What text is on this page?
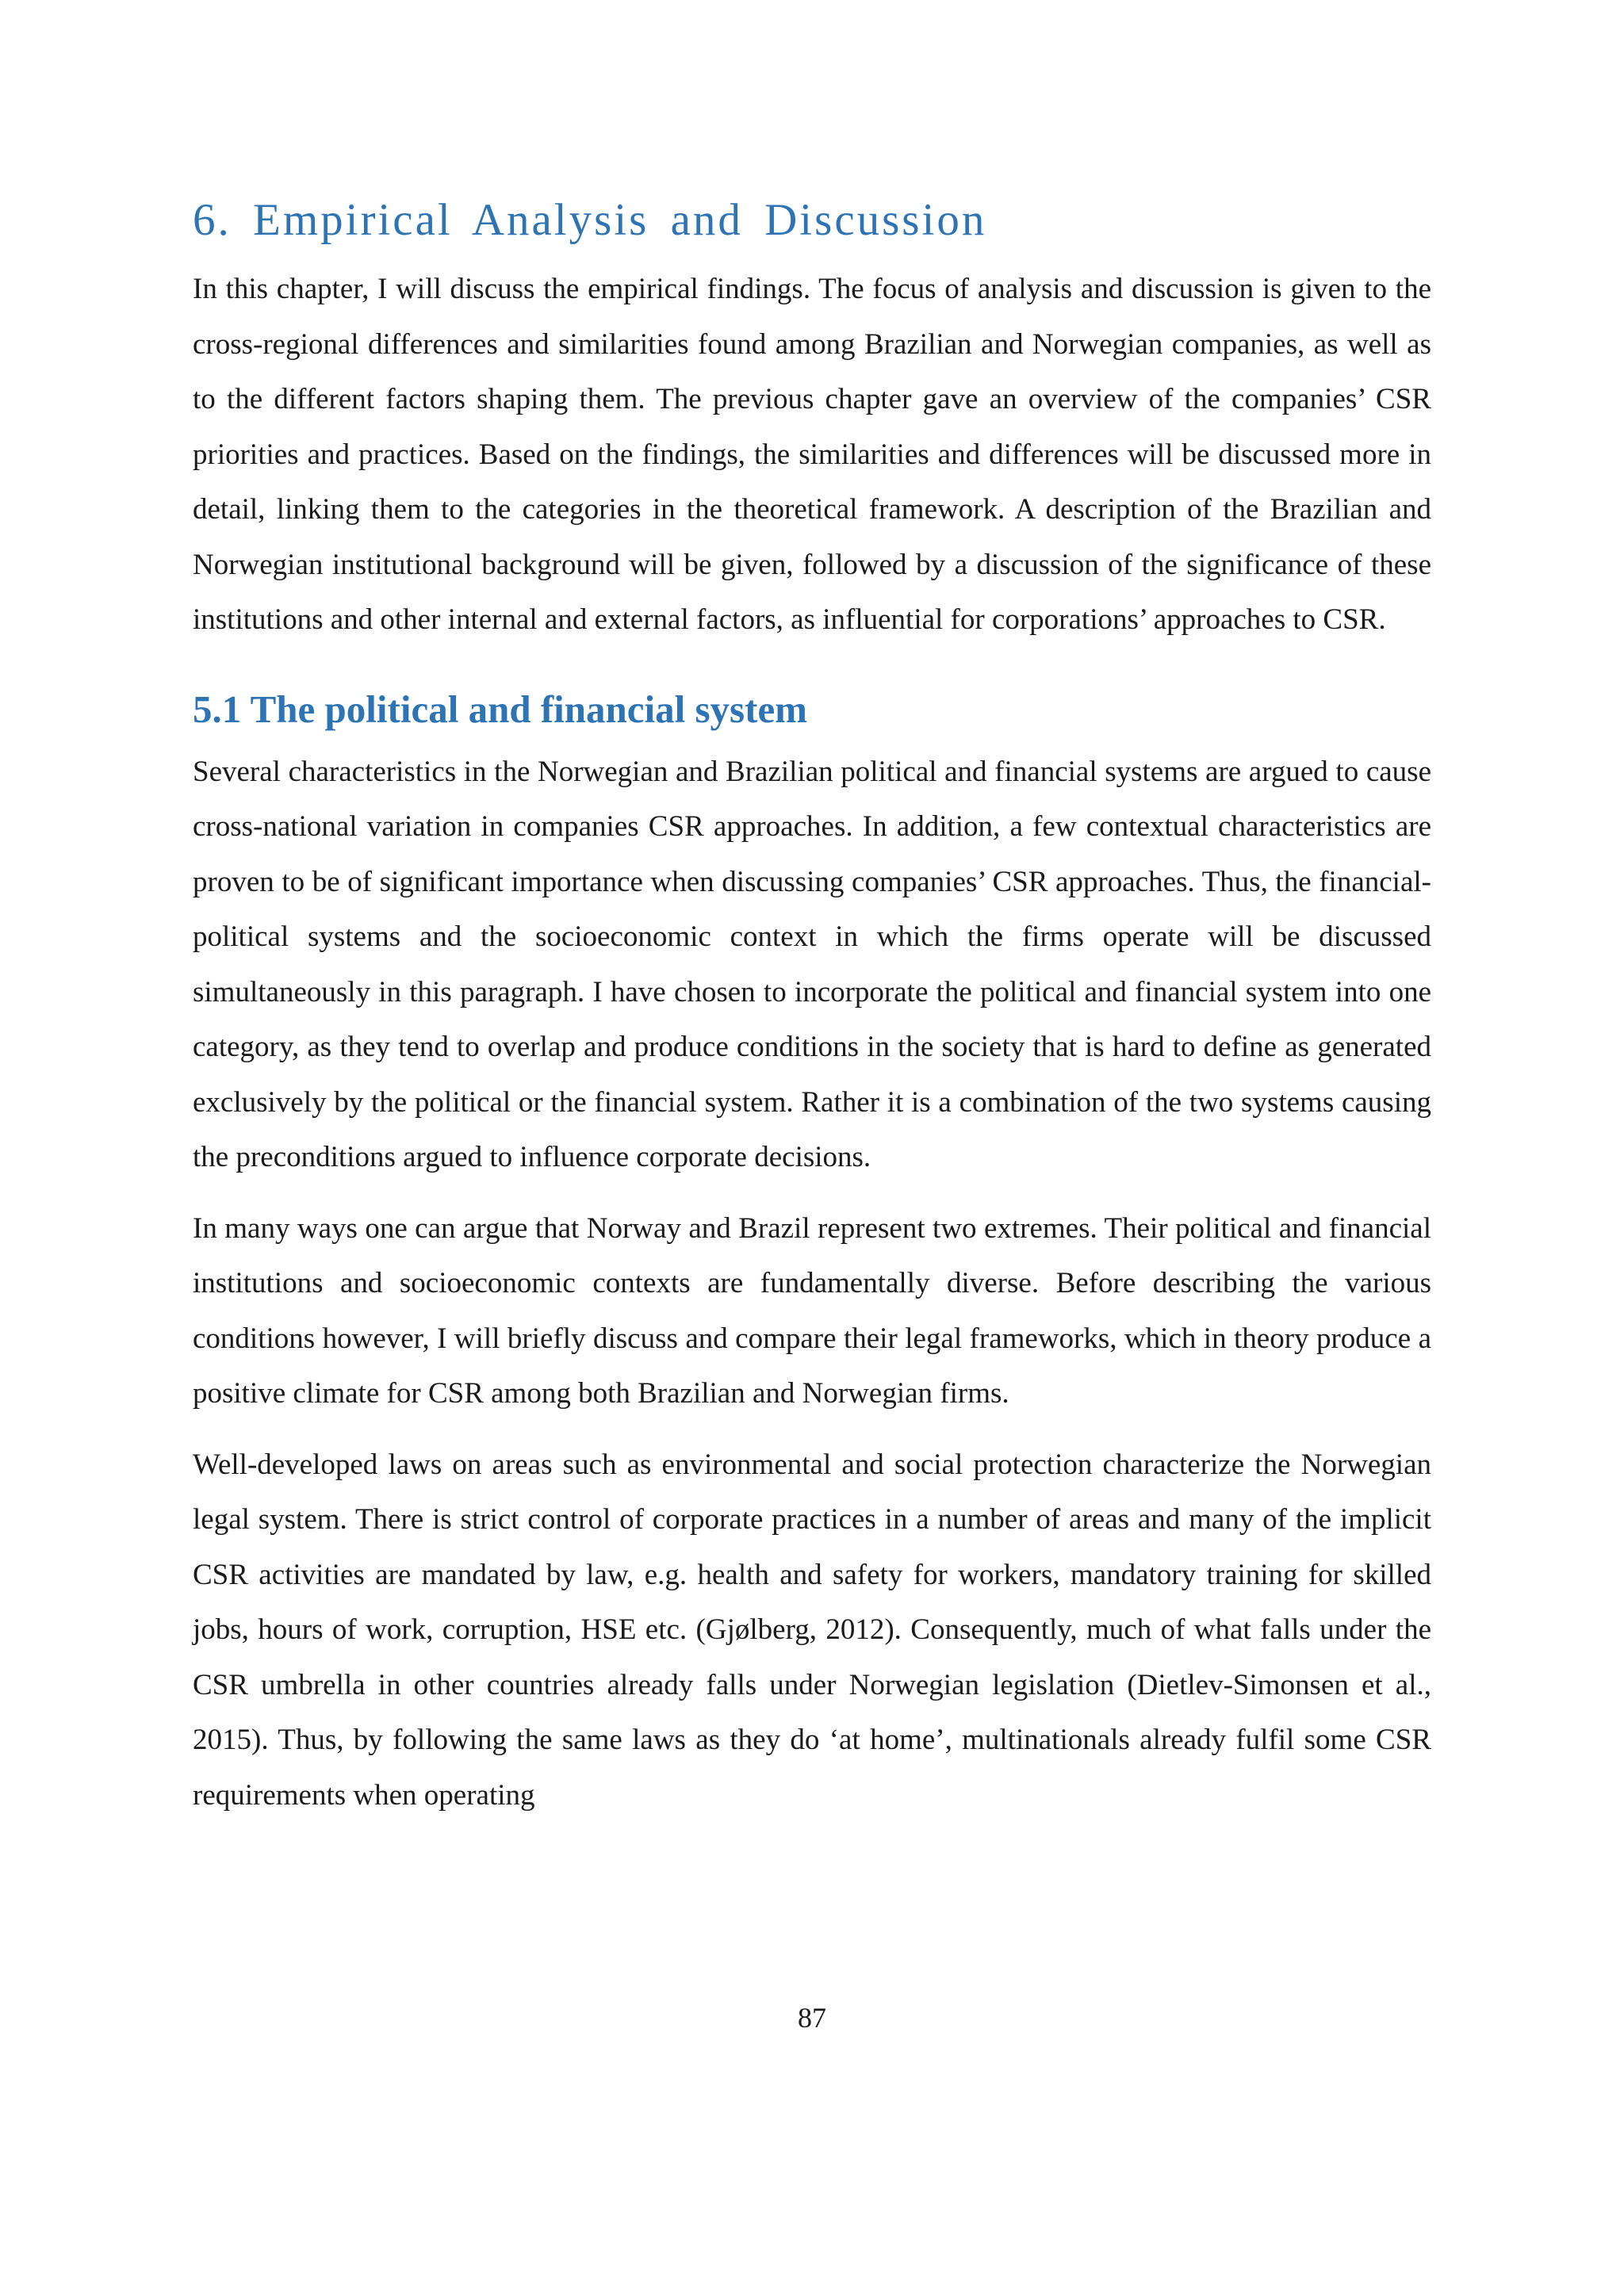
6. Empirical Analysis and Discussion

In this chapter, I will discuss the empirical findings. The focus of analysis and discussion is given to the cross-regional differences and similarities found among Brazilian and Norwegian companies, as well as to the different factors shaping them. The previous chapter gave an overview of the companies’ CSR priorities and practices. Based on the findings, the similarities and differences will be discussed more in detail, linking them to the categories in the theoretical framework. A description of the Brazilian and Norwegian institutional background will be given, followed by a discussion of the significance of these institutions and other internal and external factors, as influential for corporations’ approaches to CSR.

5.1 The political and financial system

Several characteristics in the Norwegian and Brazilian political and financial systems are argued to cause cross-national variation in companies CSR approaches. In addition, a few contextual characteristics are proven to be of significant importance when discussing companies’ CSR approaches. Thus, the financial-political systems and the socioeconomic context in which the firms operate will be discussed simultaneously in this paragraph. I have chosen to incorporate the political and financial system into one category, as they tend to overlap and produce conditions in the society that is hard to define as generated exclusively by the political or the financial system. Rather it is a combination of the two systems causing the preconditions argued to influence corporate decisions.

In many ways one can argue that Norway and Brazil represent two extremes. Their political and financial institutions and socioeconomic contexts are fundamentally diverse. Before describing the various conditions however, I will briefly discuss and compare their legal frameworks, which in theory produce a positive climate for CSR among both Brazilian and Norwegian firms.

Well-developed laws on areas such as environmental and social protection characterize the Norwegian legal system. There is strict control of corporate practices in a number of areas and many of the implicit CSR activities are mandated by law, e.g. health and safety for workers, mandatory training for skilled jobs, hours of work, corruption, HSE etc. (Gjølberg, 2012). Consequently, much of what falls under the CSR umbrella in other countries already falls under Norwegian legislation (Dietlev-Simonsen et al., 2015). Thus, by following the same laws as they do ‘at home’, multinationals already fulfil some CSR requirements when operating

87
